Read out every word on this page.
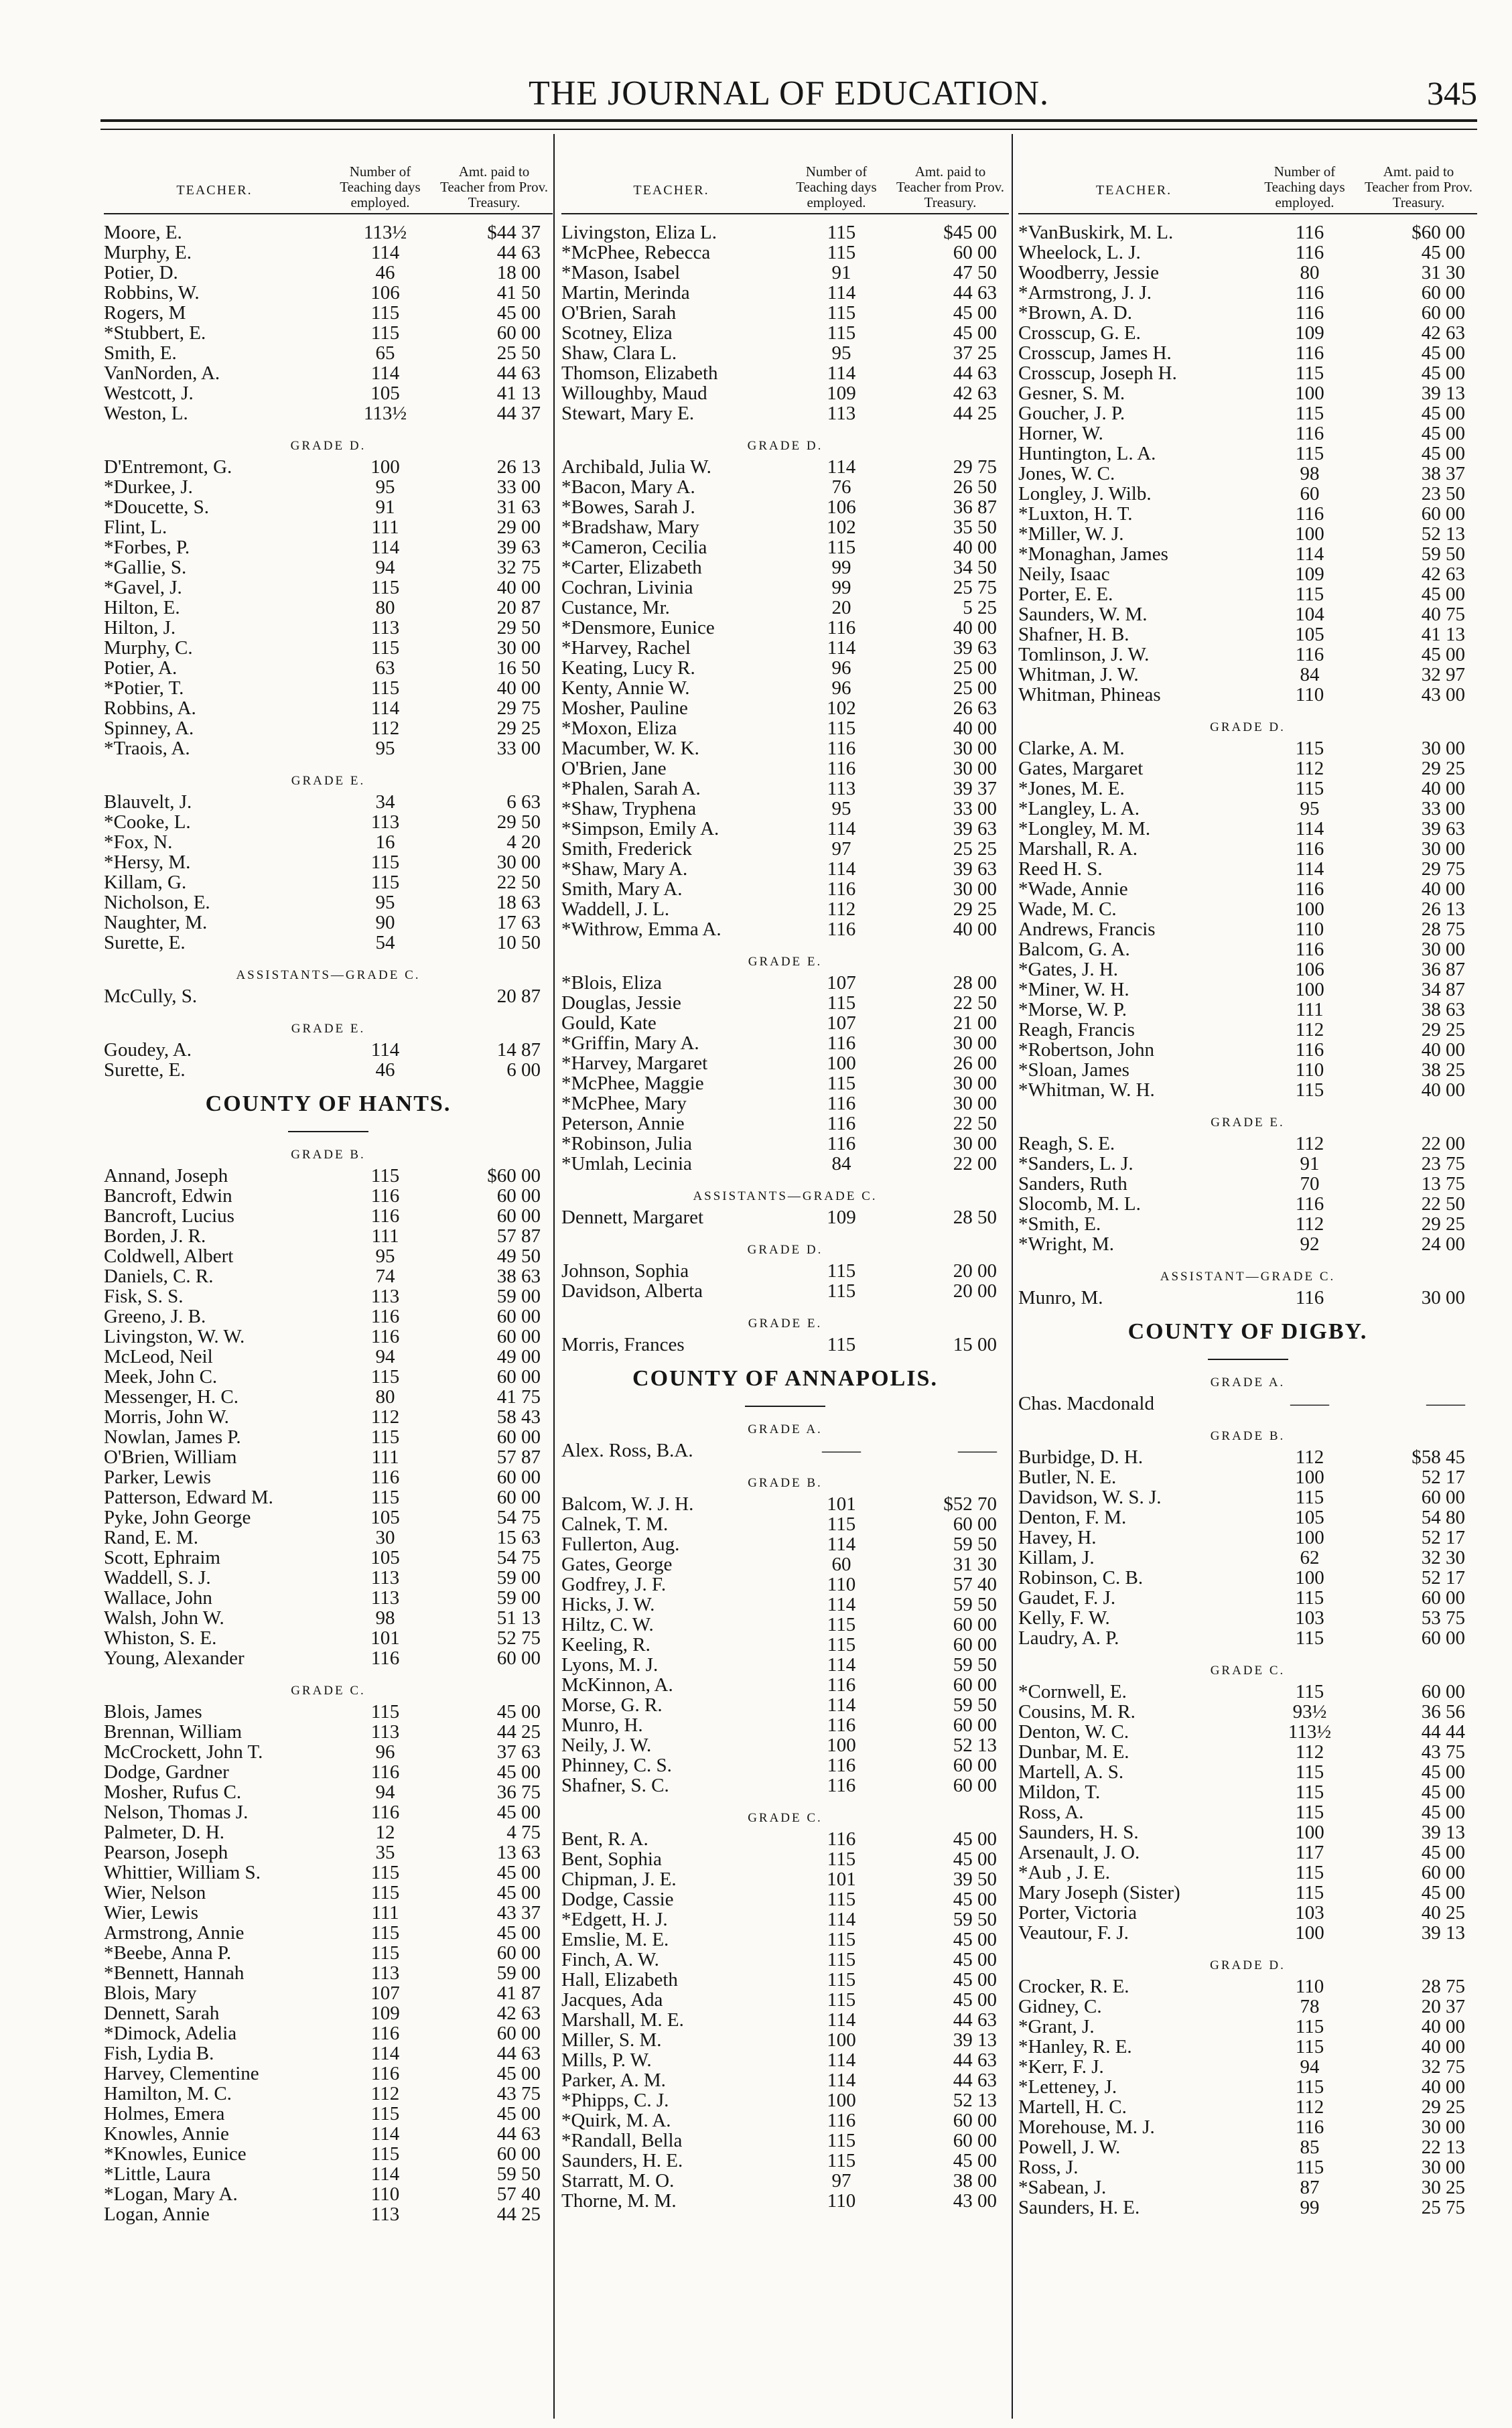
THE JOURNAL OF EDUCATION.	345
TEACHER.
Number of Teaching days employed.
Amt. paid to Teacher from Prov. Treasury.
Moore, E.	113½	$44 37
Murphy, E.	114	44 63
Potier, D.	46	18 00
Robbins, W.	106	41 50
Rogers, M	115	45 00
*Stubbert, E.	115	60 00
Smith, E.	65	25 50
VanNorden, A.	114	44 63
Westcott, J.	105	41 13
Weston, L.	113½	44 37
GRADE D.
D'Entremont, G.	100	26 13
*Durkee, J.	95	33 00
*Doucette, S.	91	31 63
Flint, L.	111	29 00
*Forbes, P.	114	39 63
*Gallie, S.	94	32 75
*Gavel, J.	115	40 00
Hilton, E.	80	20 87
Hilton, J.	113	29 50
Murphy, C.	115	30 00
Potier, A.	63	16 50
*Potier, T.	115	40 00
Robbins, A.	114	29 75
Spinney, A.	112	29 25
*Traois, A.	95	33 00
GRADE E.
Blauvelt, J.	34	6 63
*Cooke, L.	113	29 50
*Fox, N.	16	4 20
*Hersy, M.	115	30 00
Killam, G.	115	22 50
Nicholson, E.	95	18 63
Naughter, M.	90	17 63
Surette, E.	54	10 50
ASSISTANTS—GRADE C.
McCully, S.	 	20 87
GRADE E.
Goudey, A.	114	14 87
Surette, E.	46	6 00
COUNTY OF HANTS.
GRADE B.
Annand, Joseph	115	$60 00
Bancroft, Edwin	116	60 00
Bancroft, Lucius	116	60 00
Borden, J. R.	111	57 87
Coldwell, Albert	95	49 50
Daniels, C. R.	74	38 63
Fisk, S. S.	113	59 00
Greeno, J. B.	116	60 00
Livingston, W. W.	116	60 00
McLeod, Neil	94	49 00
Meek, John C.	115	60 00
Messenger, H. C.	80	41 75
Morris, John W.	112	58 43
Nowlan, James P.	115	60 00
O'Brien, William	111	57 87
Parker, Lewis	116	60 00
Patterson, Edward M.	115	60 00
Pyke, John George	105	54 75
Rand, E. M.	30	15 63
Scott, Ephraim	105	54 75
Waddell, S. J.	113	59 00
Wallace, John	113	59 00
Walsh, John W.	98	51 13
Whiston, S. E.	101	52 75
Young, Alexander	116	60 00
GRADE C.
Blois, James	115	45 00
Brennan, William	113	44 25
McCrockett, John T.	96	37 63
Dodge, Gardner	116	45 00
Mosher, Rufus C.	94	36 75
Nelson, Thomas J.	116	45 00
Palmeter, D. H.	12	4 75
Pearson, Joseph	35	13 63
Whittier, William S.	115	45 00
Wier, Nelson	115	45 00
Wier, Lewis	111	43 37
Armstrong, Annie	115	45 00
*Beebe, Anna P.	115	60 00
*Bennett, Hannah	113	59 00
Blois, Mary	107	41 87
Dennett, Sarah	109	42 63
*Dimock, Adelia	116	60 00
Fish, Lydia B.	114	44 63
Harvey, Clementine	116	45 00
Hamilton, M. C.	112	43 75
Holmes, Emera	115	45 00
Knowles, Annie	114	44 63
*Knowles, Eunice	115	60 00
*Little, Laura	114	59 50
*Logan, Mary A.	110	57 40
Logan, Annie	113	44 25
TEACHER.
Number of Teaching days employed.
Amt. paid to Teacher from Prov. Treasury.
Livingston, Eliza L.	115	$45 00
*McPhee, Rebecca	115	60 00
*Mason, Isabel	91	47 50
Martin, Merinda	114	44 63
O'Brien, Sarah	115	45 00
Scotney, Eliza	115	45 00
Shaw, Clara L.	95	37 25
Thomson, Elizabeth	114	44 63
Willoughby, Maud	109	42 63
Stewart, Mary E.	113	44 25
GRADE D.
Archibald, Julia W.	114	29 75
*Bacon, Mary A.	76	26 50
*Bowes, Sarah J.	106	36 87
*Bradshaw, Mary	102	35 50
*Cameron, Cecilia	115	40 00
*Carter, Elizabeth	99	34 50
Cochran, Livinia	99	25 75
Custance, Mr.	20	5 25
*Densmore, Eunice	116	40 00
*Harvey, Rachel	114	39 63
Keating, Lucy R.	96	25 00
Kenty, Annie W.	96	25 00
Mosher, Pauline	102	26 63
*Moxon, Eliza	115	40 00
Macumber, W. K.	116	30 00
O'Brien, Jane	116	30 00
*Phalen, Sarah A.	113	39 37
*Shaw, Tryphena	95	33 00
*Simpson, Emily A.	114	39 63
Smith, Frederick	97	25 25
*Shaw, Mary A.	114	39 63
Smith, Mary A.	116	30 00
Waddell, J. L.	112	29 25
*Withrow, Emma A.	116	40 00
GRADE E.
*Blois, Eliza	107	28 00
Douglas, Jessie	115	22 50
Gould, Kate	107	21 00
*Griffin, Mary A.	116	30 00
*Harvey, Margaret	100	26 00
*McPhee, Maggie	115	30 00
*McPhee, Mary	116	30 00
Peterson, Annie	116	22 50
*Robinson, Julia	116	30 00
*Umlah, Lecinia	84	22 00
ASSISTANTS—GRADE C.
Dennett, Margaret	109	28 50
GRADE D.
Johnson, Sophia	115	20 00
Davidson, Alberta	115	20 00
GRADE E.
Morris, Frances	115	15 00
COUNTY OF ANNAPOLIS.
GRADE A.
Alex. Ross, B.A.	——	——
GRADE B.
Balcom, W. J. H.	101	$52 70
Calnek, T. M.	115	60 00
Fullerton, Aug.	114	59 50
Gates, George	60	31 30
Godfrey, J. F.	110	57 40
Hicks, J. W.	114	59 50
Hiltz, C. W.	115	60 00
Keeling, R.	115	60 00
Lyons, M. J.	114	59 50
McKinnon, A.	116	60 00
Morse, G. R.	114	59 50
Munro, H.	116	60 00
Neily, J. W.	100	52 13
Phinney, C. S.	116	60 00
Shafner, S. C.	116	60 00
GRADE C.
Bent, R. A.	116	45 00
Bent, Sophia	115	45 00
Chipman, J. E.	101	39 50
Dodge, Cassie	115	45 00
*Edgett, H. J.	114	59 50
Emslie, M. E.	115	45 00
Finch, A. W.	115	45 00
Hall, Elizabeth	115	45 00
Jacques, Ada	115	45 00
Marshall, M. E.	114	44 63
Miller, S. M.	100	39 13
Mills, P. W.	114	44 63
Parker, A. M.	114	44 63
*Phipps, C. J.	100	52 13
*Quirk, M. A.	116	60 00
*Randall, Bella	115	60 00
Saunders, H. E.	115	45 00
Starratt, M. O.	97	38 00
Thorne, M. M.	110	43 00
TEACHER.
Number of Teaching days employed.
Amt. paid to Teacher from Prov. Treasury.
*VanBuskirk, M. L.	116	$60 00
Wheelock, L. J.	116	45 00
Woodberry, Jessie	80	31 30
*Armstrong, J. J.	116	60 00
*Brown, A. D.	116	60 00
Crosscup, G. E.	109	42 63
Crosscup, James H.	116	45 00
Crosscup, Joseph H.	115	45 00
Gesner, S. M.	100	39 13
Goucher, J. P.	115	45 00
Horner, W.	116	45 00
Huntington, L. A.	115	45 00
Jones, W. C.	98	38 37
Longley, J. Wilb.	60	23 50
*Luxton, H. T.	116	60 00
*Miller, W. J.	100	52 13
*Monaghan, James	114	59 50
Neily, Isaac	109	42 63
Porter, E. E.	115	45 00
Saunders, W. M.	104	40 75
Shafner, H. B.	105	41 13
Tomlinson, J. W.	116	45 00
Whitman, J. W.	84	32 97
Whitman, Phineas	110	43 00
GRADE D.
Clarke, A. M.	115	30 00
Gates, Margaret	112	29 25
*Jones, M. E.	115	40 00
*Langley, L. A.	95	33 00
*Longley, M. M.	114	39 63
Marshall, R. A.	116	30 00
Reed H. S.	114	29 75
*Wade, Annie	116	40 00
Wade, M. C.	100	26 13
Andrews, Francis	110	28 75
Balcom, G. A.	116	30 00
*Gates, J. H.	106	36 87
*Miner, W. H.	100	34 87
*Morse, W. P.	111	38 63
Reagh, Francis	112	29 25
*Robertson, John	116	40 00
*Sloan, James	110	38 25
*Whitman, W. H.	115	40 00
GRADE E.
Reagh, S. E.	112	22 00
*Sanders, L. J.	91	23 75
Sanders, Ruth	70	13 75
Slocomb, M. L.	116	22 50
*Smith, E.	112	29 25
*Wright, M.	92	24 00
ASSISTANT—GRADE C.
Munro, M.	116	30 00
COUNTY OF DIGBY.
GRADE A.
Chas. Macdonald	——	——
GRADE B.
Burbidge, D. H.	112	$58 45
Butler, N. E.	100	52 17
Davidson, W. S. J.	115	60 00
Denton, F. M.	105	54 80
Havey, H.	100	52 17
Killam, J.	62	32 30
Robinson, C. B.	100	52 17
Gaudet, F. J.	115	60 00
Kelly, F. W.	103	53 75
Laudry, A. P.	115	60 00
GRADE C.
*Cornwell, E.	115	60 00
Cousins, M. R.	93½	36 56
Denton, W. C.	113½	44 44
Dunbar, M. E.	112	43 75
Martell, A. S.	115	45 00
Mildon, T.	115	45 00
Ross, A.	115	45 00
Saunders, H. S.	100	39 13
Arsenault, J. O.	117	45 00
*Aub , J. E.	115	60 00
Mary Joseph (Sister)	115	45 00
Porter, Victoria	103	40 25
Veautour, F. J.	100	39 13
GRADE D.
Crocker, R. E.	110	28 75
Gidney, C.	78	20 37
*Grant, J.	115	40 00
*Hanley, R. E.	115	40 00
*Kerr, F. J.	94	32 75
*Letteney, J.	115	40 00
Martell, H. C.	112	29 25
Morehouse, M. J.	116	30 00
Powell, J. W.	85	22 13
Ross, J.	115	30 00
*Sabean, J.	87	30 25
Saunders, H. E.	99	25 75
